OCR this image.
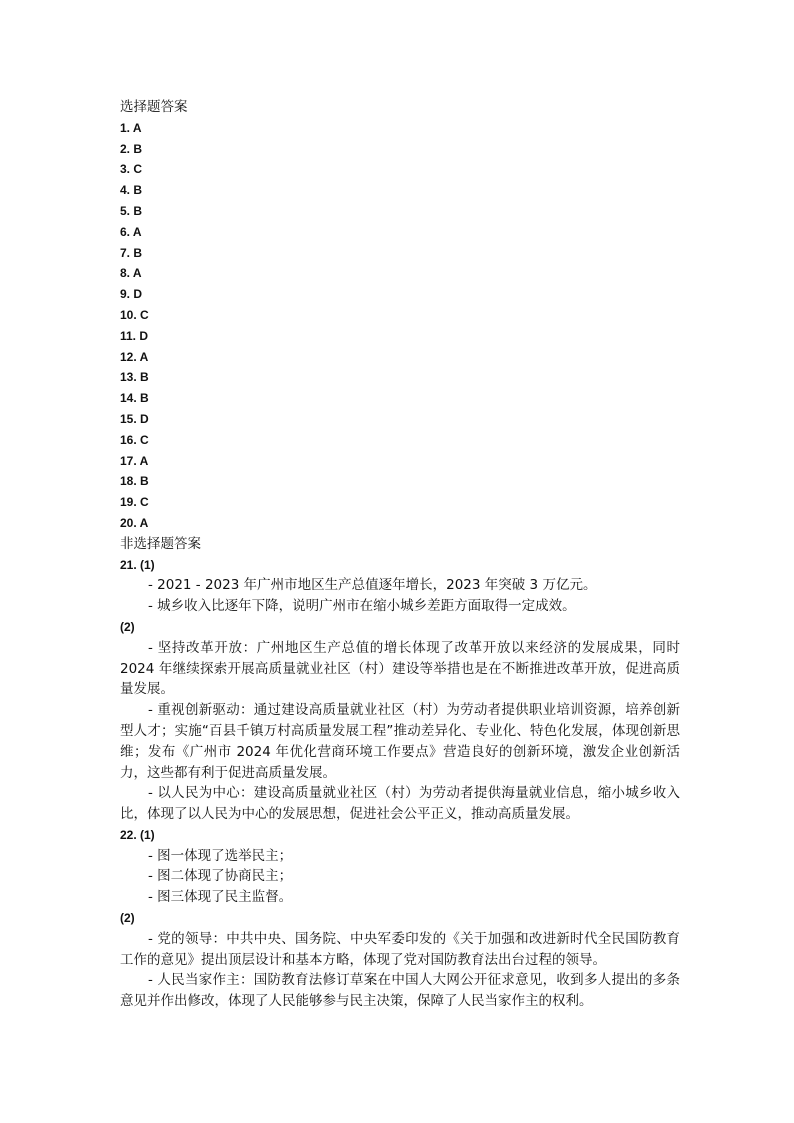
选择题答案
1. A
2. B
3. C
4. B
5. B
6. A
7. B
8. A
9. D
10. C
11. D
12. A
13. B
14. B
15. D
16. C
17. A
18. B
19. C
20. A
非选择题答案
21. (1)
- 2021 - 2023 年广州市地区生产总值逐年增长，2023 年突破 3 万亿元。
- 城乡收入比逐年下降，说明广州市在缩小城乡差距方面取得一定成效。
(2)
- 坚持改革开放：广州地区生产总值的增长体现了改革开放以来经济的发展成果，同时 2024 年继续探索开展高质量就业社区（村）建设等举措也是在不断推进改革开放，促进高质量发展。
- 重视创新驱动：通过建设高质量就业社区（村）为劳动者提供职业培训资源，培养创新型人才；实施“百县千镇万村高质量发展工程”推动差异化、专业化、特色化发展，体现创新思维；发布《广州市 2024 年优化营商环境工作要点》营造良好的创新环境，激发企业创新活力，这些都有利于促进高质量发展。
- 以人民为中心：建设高质量就业社区（村）为劳动者提供海量就业信息，缩小城乡收入比，体现了以人民为中心的发展思想，促进社会公平正义，推动高质量发展。
22. (1)
- 图一体现了选举民主；
- 图二体现了协商民主；
- 图三体现了民主监督。
(2)
- 党的领导：中共中央、国务院、中央军委印发的《关于加强和改进新时代全民国防教育工作的意见》提出顶层设计和基本方略，体现了党对国防教育法出台过程的领导。
- 人民当家作主：国防教育法修订草案在中国人大网公开征求意见，收到多人提出的多条意见并作出修改，体现了人民能够参与民主决策，保障了人民当家作主的权利。
